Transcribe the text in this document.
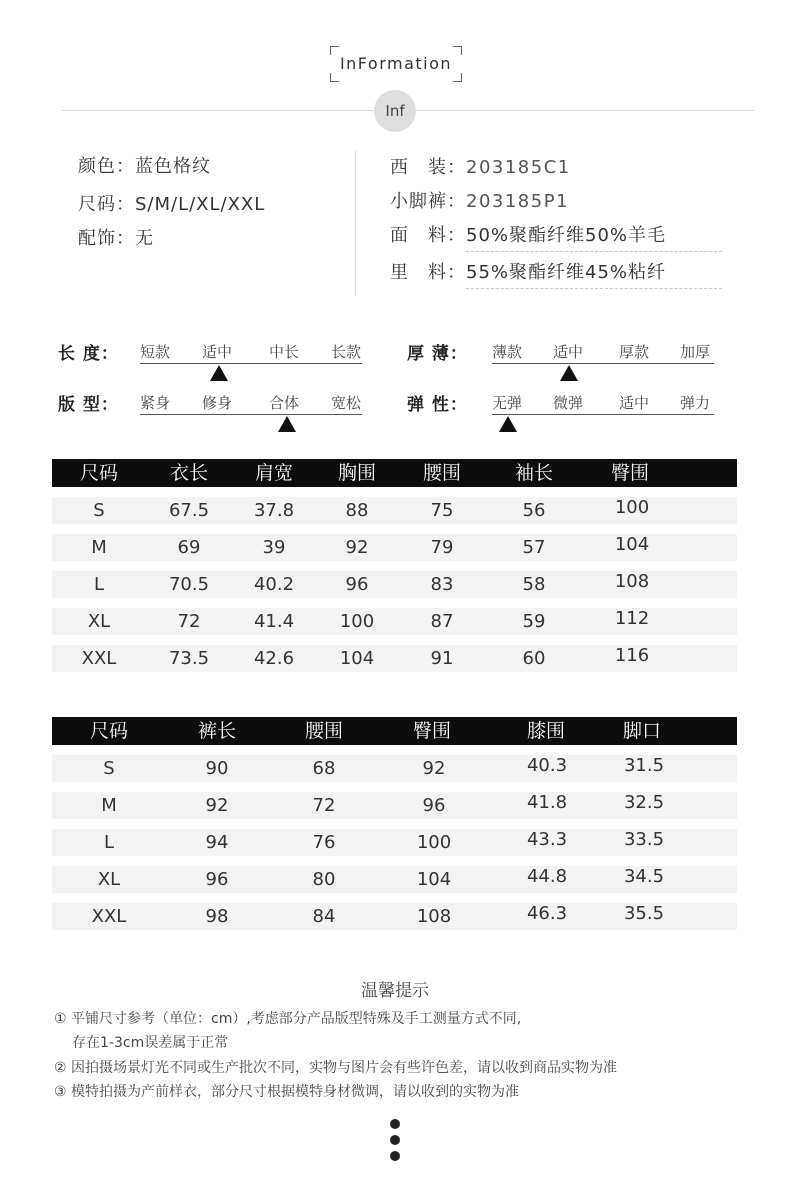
InFormation
Inf
颜色：蓝色格纹
尺码：S/M/L/XL/XXL
配饰：无
西　装：203185C1
小脚裤：203185P1
面　料：50%聚酯纤维50%羊毛
里　料：55%聚酯纤维45%粘纤
长 度： 短款 适中 中长 长款	厚 薄： 薄款 适中 厚款 加厚
版 型： 紧身 修身 合体 宽松	弹 性： 无弹 微弹 适中 弹力
尺码	衣长	肩宽	胸围	腰围	袖长	臀围
S	67.5	37.8	88	75	56	100
M	69	39	92	79	57	104
L	70.5	40.2	96	83	58	108
XL	72	41.4	100	87	59	112
XXL	73.5	42.6	104	91	60	116
尺码	裤长	腰围	臀围	膝围	脚口
S	90	68	92	40.3	31.5
M	92	72	96	41.8	32.5
L	94	76	100	43.3	33.5
XL	96	80	104	44.8	34.5
XXL	98	84	108	46.3	35.5
温馨提示
① 平铺尺寸参考（单位：cm）,考虑部分产品版型特殊及手工测量方式不同,
存在1-3cm误差属于正常
② 因拍摄场景灯光不同或生产批次不同，实物与图片会有些许色差，请以收到商品实物为准
③ 模特拍摄为产前样衣，部分尺寸根据模特身材微调，请以收到的实物为准
